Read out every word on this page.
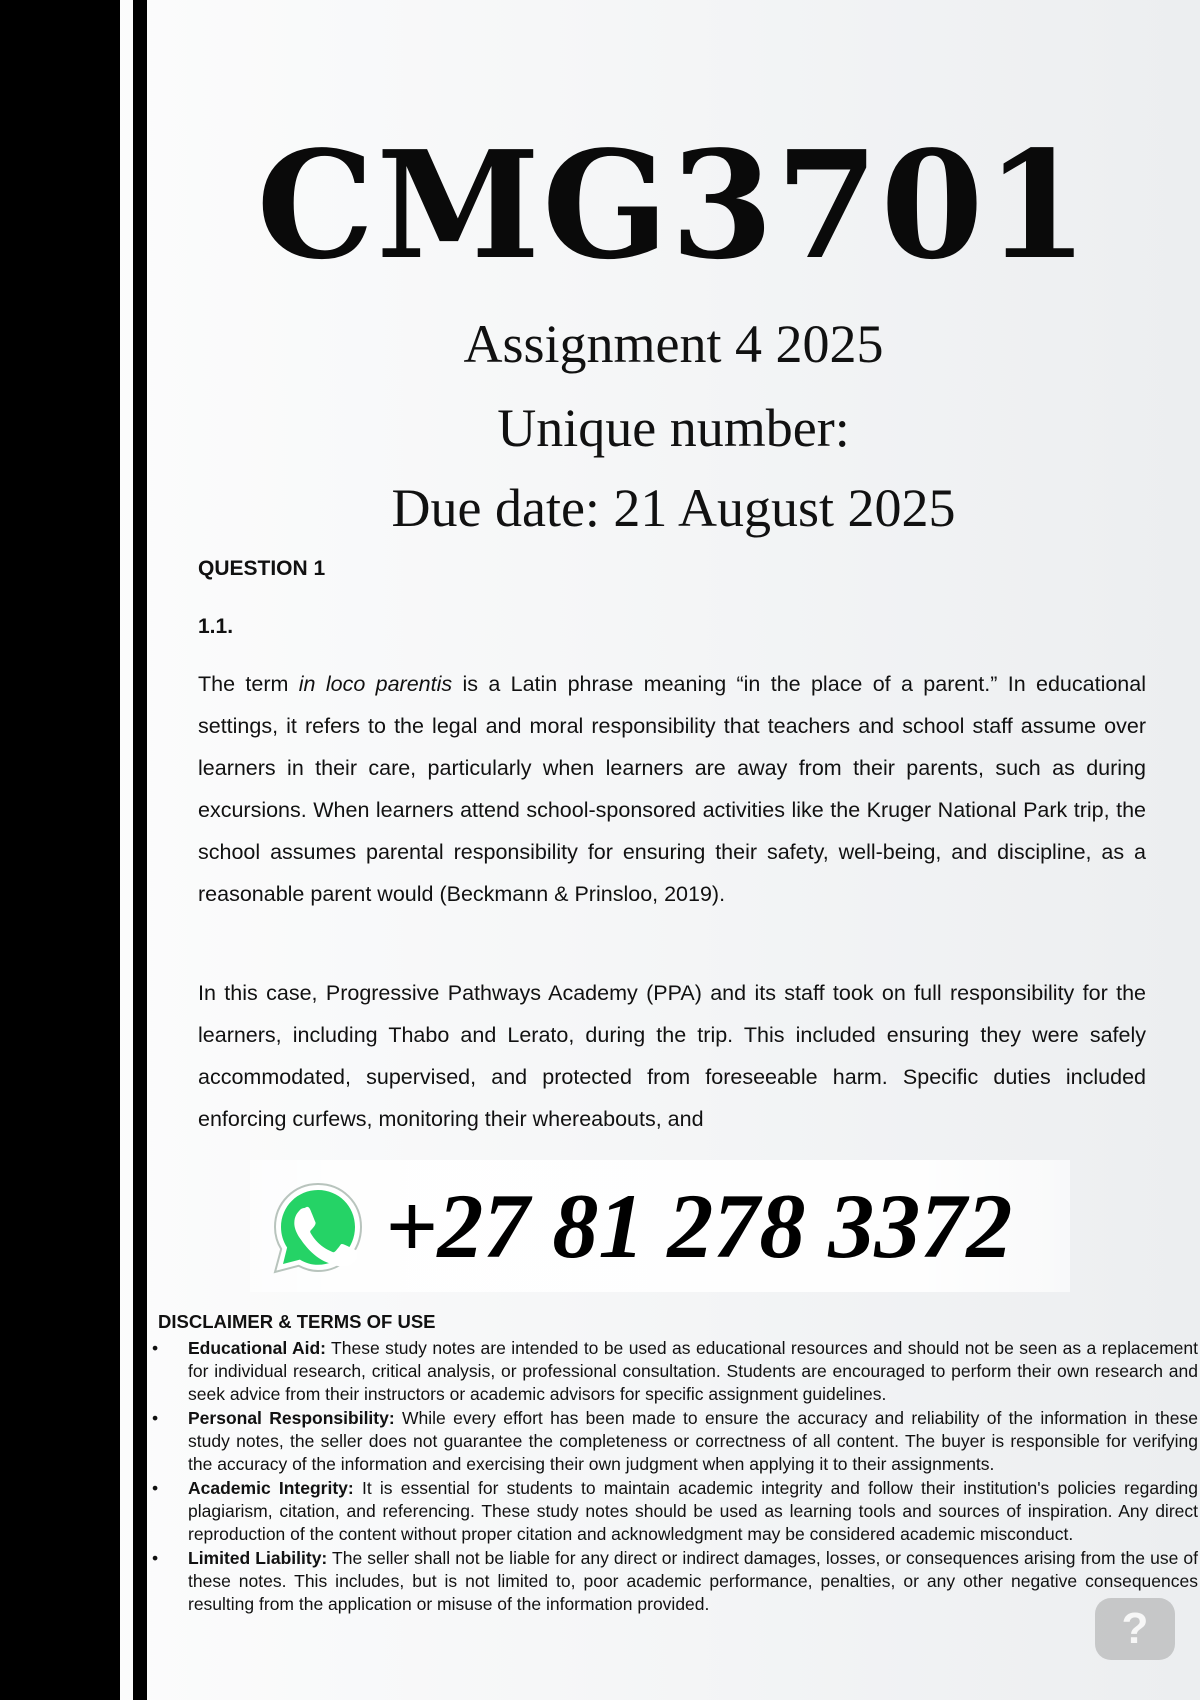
CMG3701
Assignment 4 2025
Unique number:
Due date: 21 August 2025
QUESTION 1
1.1.

The term in loco parentis is a Latin phrase meaning “in the place of a parent.” In educational settings, it refers to the legal and moral responsibility that teachers and school staff assume over learners in their care, particularly when learners are away from their parents, such as during excursions. When learners attend school-sponsored activities like the Kruger National Park trip, the school assumes parental responsibility for ensuring their safety, well-being, and discipline, as a reasonable parent would (Beckmann & Prinsloo, 2019).

In this case, Progressive Pathways Academy (PPA) and its staff took on full responsibility for the learners, including Thabo and Lerato, during the trip. This included ensuring they were safely accommodated, supervised, and protected from foreseeable harm. Specific duties included enforcing curfews, monitoring their whereabouts, and

+27 81 278 3372
DISCLAIMER & TERMS OF USE
• Educational Aid: These study notes are intended to be used as educational resources and should not be seen as a replacement for individual research, critical analysis, or professional consultation. Students are encouraged to perform their own research and seek advice from their instructors or academic advisors for specific assignment guidelines.
• Personal Responsibility: While every effort has been made to ensure the accuracy and reliability of the information in these study notes, the seller does not guarantee the completeness or correctness of all content. The buyer is responsible for verifying the accuracy of the information and exercising their own judgment when applying it to their assignments.
• Academic Integrity: It is essential for students to maintain academic integrity and follow their institution's policies regarding plagiarism, citation, and referencing. These study notes should be used as learning tools and sources of inspiration. Any direct reproduction of the content without proper citation and acknowledgment may be considered academic misconduct.
• Limited Liability: The seller shall not be liable for any direct or indirect damages, losses, or consequences arising from the use of these notes. This includes, but is not limited to, poor academic performance, penalties, or any other negative consequences resulting from the application or misuse of the information provided.	?
